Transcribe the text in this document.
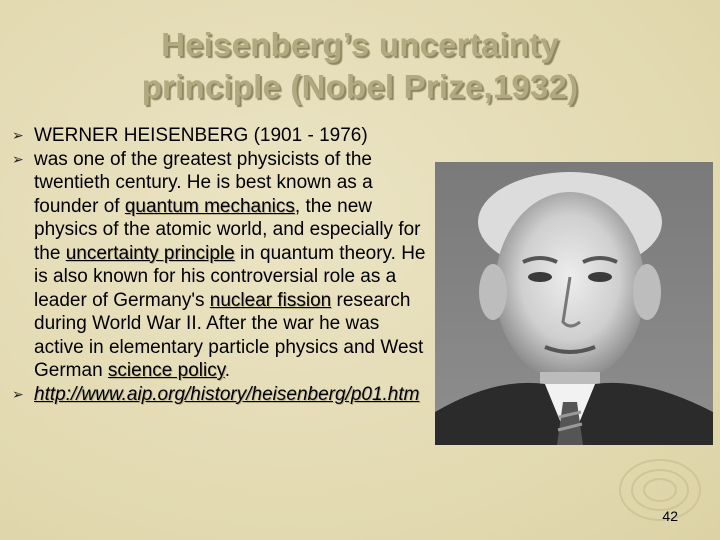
Heisenberg’s uncertainty
principle (Nobel Prize,1932)
➢ WERNER HEISENBERG (1901 - 1976)
➢ was one of the greatest physicists of the twentieth century. He is best known as a founder of quantum mechanics, the new physics of the atomic world, and especially for the uncertainty principle in quantum theory. He is also known for his controversial role as a leader of Germany's nuclear fission research during World War II. After the war he was active in elementary particle physics and West German science policy.
➢ http://www.aip.org/history/heisenberg/p01.htm
42
